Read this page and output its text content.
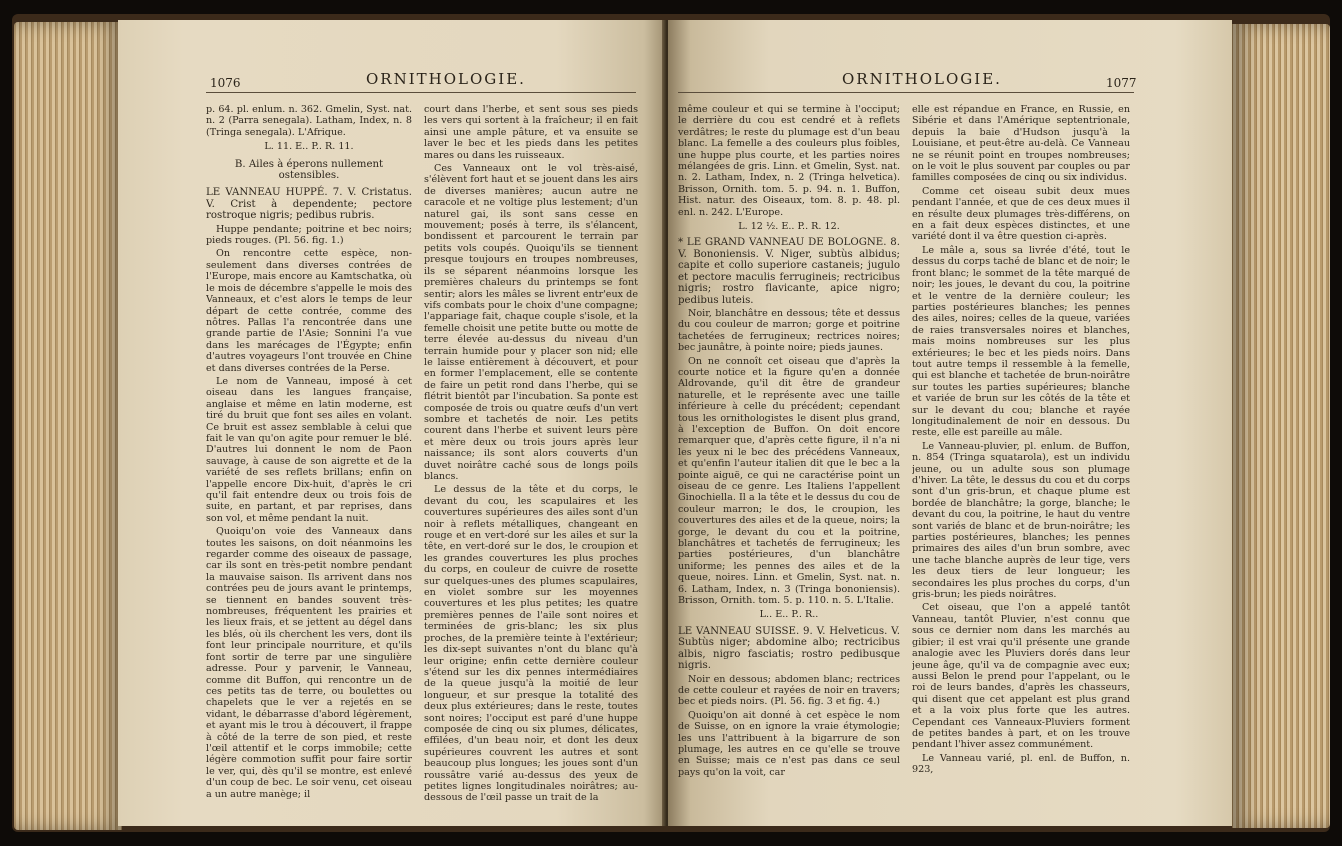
1076	ORNITHOLOGIE.

p. 64. pl. enlum. n. 362. Gmelin, Syst. nat. n. 2 (Parra senegala). Latham, Index, n. 8 (Tringa senegala). L'Afrique.

L. 11. E.. P.. R. 11.

B. Ailes à éperons nullement ostensibles.

LE VANNEAU HUPPÉ. 7. V. Cristatus. V. Crist à dependente; pectore rostroque nigris; pedibus rubris.

Huppe pendante; poitrine et bec noirs; pieds rouges. (Pl. 56. fig. 1.)

On rencontre cette espèce, non-seulement dans diverses contrées de l'Europe, mais encore au Kamtschatka, où le mois de décembre s'appelle le mois des Vanneaux, et c'est alors le temps de leur départ de cette contrée, comme des nôtres. Pallas l'a rencontrée dans une grande partie de l'Asie; Sonnini l'a vue dans les marécages de l'Égypte; enfin d'autres voyageurs l'ont trouvée en Chine et dans diverses contrées de la Perse.

Le nom de Vanneau, imposé à cet oiseau dans les langues française, anglaise et même en latin moderne, est tiré du bruit que font ses ailes en volant. Ce bruit est assez semblable à celui que fait le van qu'on agite pour remuer le blé. D'autres lui donnent le nom de Paon sauvage, à cause de son aigrette et de la variété de ses reflets brillans; enfin on l'appelle encore Dix-huit, d'après le cri qu'il fait entendre deux ou trois fois de suite, en partant, et par reprises, dans son vol, et même pendant la nuit.

Quoiqu'on voie des Vanneaux dans toutes les saisons, on doit néanmoins les regarder comme des oiseaux de passage, car ils sont en très-petit nombre pendant la mauvaise saison. Ils arrivent dans nos contrées peu de jours avant le printemps, se tiennent en bandes souvent très-nombreuses, fréquentent les prairies et les lieux frais, et se jettent au dégel dans les blés, où ils cherchent les vers, dont ils font leur principale nourriture, et qu'ils font sortir de terre par une singulière adresse. Pour y parvenir, le Vanneau, comme dit Buffon, qui rencontre un de ces petits tas de terre, ou boulettes ou chapelets que le ver a rejetés en se vidant, le débarrasse d'abord légèrement, et ayant mis le trou à découvert, il frappe à côté de la terre de son pied, et reste l'œil attentif et le corps immobile; cette légère commotion suffit pour faire sortir le ver, qui, dès qu'il se montre, est enlevé d'un coup de bec. Le soir venu, cet oiseau a un autre manège; il

court dans l'herbe, et sent sous ses pieds les vers qui sortent à la fraîcheur; il en fait ainsi une ample pâture, et va ensuite se laver le bec et les pieds dans les petites mares ou dans les ruisseaux.

Ces Vanneaux ont le vol très-aisé, s'élèvent fort haut et se jouent dans les airs de diverses manières; aucun autre ne caracole et ne voltige plus lestement; d'un naturel gai, ils sont sans cesse en mouvement; posés à terre, ils s'élancent, bondissent et parcourent le terrain par petits vols coupés. Quoiqu'ils se tiennent presque toujours en troupes nombreuses, ils se séparent néanmoins lorsque les premières chaleurs du printemps se font sentir; alors les mâles se livrent entr'eux de vifs combats pour le choix d'une compagne; l'appariage fait, chaque couple s'isole, et la femelle choisit une petite butte ou motte de terre élevée au-dessus du niveau d'un terrain humide pour y placer son nid; elle le laisse entièrement à découvert, et pour en former l'emplacement, elle se contente de faire un petit rond dans l'herbe, qui se flétrit bientôt par l'incubation. Sa ponte est composée de trois ou quatre œufs d'un vert sombre et tachetés de noir. Les petits courent dans l'herbe et suivent leurs père et mère deux ou trois jours après leur naissance; ils sont alors couverts d'un duvet noirâtre caché sous de longs poils blancs.

Le dessus de la tête et du corps, le devant du cou, les scapulaires et les couvertures supérieures des ailes sont d'un noir à reflets métalliques, changeant en rouge et en vert-doré sur les ailes et sur la tête, en vert-doré sur le dos, le croupion et les grandes couvertures les plus proches du corps, en couleur de cuivre de rosette sur quelques-unes des plumes scapulaires, en violet sombre sur les moyennes couvertures et les plus petites; les quatre premières pennes de l'aile sont noires et terminées de gris-blanc; les six plus proches, de la première teinte à l'extérieur; les dix-sept suivantes n'ont du blanc qu'à leur origine; enfin cette dernière couleur s'étend sur les dix pennes intermédiaires de la queue jusqu'à la moitié de leur longueur, et sur presque la totalité des deux plus extérieures; dans le reste, toutes sont noires; l'occiput est paré d'une huppe composée de cinq ou six plumes, délicates, effilées, d'un beau noir, et dont les deux supérieures couvrent les autres et sont beaucoup plus longues; les joues sont d'un roussâtre varié au-dessus des yeux de petites lignes longitudinales noirâtres; au-dessous de l'œil passe un trait de la

ORNITHOLOGIE.	1077

même couleur et qui se termine à l'occiput; le derrière du cou est cendré et à reflets verdâtres; le reste du plumage est d'un beau blanc. La femelle a des couleurs plus foibles, une huppe plus courte, et les parties noires mélangées de gris. Linn. et Gmelin, Syst. nat. n. 2. Latham, Index, n. 2 (Tringa helvetica). Brisson, Ornith. tom. 5. p. 94. n. 1. Buffon, Hist. natur. des Oiseaux, tom. 8. p. 48. pl. enl. n. 242. L'Europe.

L. 12 ½. E.. P.. R. 12.

* LE GRAND VANNEAU DE BOLOGNE. 8. V. Bononiensis. V. Niger, subtùs albidus; capite et collo superiore castaneis; jugulo et pectore maculis ferrugineis; rectricibus nigris; rostro flavicante, apice nigro; pedibus luteis.

Noir, blanchâtre en dessous; tête et dessus du cou couleur de marron; gorge et poitrine tachetées de ferrugineux; rectrices noires; bec jaunâtre, à pointe noire; pieds jaunes.

On ne connoît cet oiseau que d'après la courte notice et la figure qu'en a donnée Aldrovande, qu'il dit être de grandeur naturelle, et le représente avec une taille inférieure à celle du précédent; cependant tous les ornithologistes le disent plus grand, à l'exception de Buffon. On doit encore remarquer que, d'après cette figure, il n'a ni les yeux ni le bec des précédens Vanneaux, et qu'enfin l'auteur italien dit que le bec a la pointe aiguë, ce qui ne caractérise point un oiseau de ce genre. Les Italiens l'appellent Ginochiella. Il a la tête et le dessus du cou de couleur marron; le dos, le croupion, les couvertures des ailes et de la queue, noirs; la gorge, le devant du cou et la poitrine, blanchâtres et tachetés de ferrugineux; les parties postérieures, d'un blanchâtre uniforme; les pennes des ailes et de la queue, noires. Linn. et Gmelin, Syst. nat. n. 6. Latham, Index, n. 3 (Tringa bononiensis). Brisson, Ornith. tom. 5. p. 110. n. 5. L'Italie.

L.. E.. P.. R..

LE VANNEAU SUISSE. 9. V. Helveticus. V. Subtùs niger; abdomine albo; rectricibus albis, nigro fasciatis; rostro pedibusque nigris.

Noir en dessous; abdomen blanc; rectrices de cette couleur et rayées de noir en travers; bec et pieds noirs. (Pl. 56. fig. 3 et fig. 4.)

Quoiqu'on ait donné à cet espèce le nom de Suisse, on en ignore la vraie étymologie; les uns l'attribuent à la bigarrure de son plumage, les autres en ce qu'elle se trouve en Suisse; mais ce n'est pas dans ce seul pays qu'on la voit, car

elle est répandue en France, en Russie, en Sibérie et dans l'Amérique septentrionale, depuis la baie d'Hudson jusqu'à la Louisiane, et peut-être au-delà. Ce Vanneau ne se réunit point en troupes nombreuses; on le voit le plus souvent par couples ou par familles composées de cinq ou six individus.

Comme cet oiseau subit deux mues pendant l'année, et que de ces deux mues il en résulte deux plumages très-différens, on en a fait deux espèces distinctes, et une variété dont il va être question ci-après.

Le mâle a, sous sa livrée d'été, tout le dessus du corps taché de blanc et de noir; le front blanc; le sommet de la tête marqué de noir; les joues, le devant du cou, la poitrine et le ventre de la dernière couleur; les parties postérieures blanches; les pennes des ailes, noires; celles de la queue, variées de raies transversales noires et blanches, mais moins nombreuses sur les plus extérieures; le bec et les pieds noirs. Dans tout autre temps il ressemble à la femelle, qui est blanche et tachetée de brun-noirâtre sur toutes les parties supérieures; blanche et variée de brun sur les côtés de la tête et sur le devant du cou; blanche et rayée longitudinalement de noir en dessous. Du reste, elle est pareille au mâle.

Le Vanneau-pluvier, pl. enlum. de Buffon, n. 854 (Tringa squatarola), est un individu jeune, ou un adulte sous son plumage d'hiver. La tête, le dessus du cou et du corps sont d'un gris-brun, et chaque plume est bordée de blanchâtre; la gorge, blanche; le devant du cou, la poitrine, le haut du ventre sont variés de blanc et de brun-noirâtre; les parties postérieures, blanches; les pennes primaires des ailes d'un brun sombre, avec une tache blanche auprès de leur tige, vers les deux tiers de leur longueur; les secondaires les plus proches du corps, d'un gris-brun; les pieds noirâtres.

Cet oiseau, que l'on a appelé tantôt Vanneau, tantôt Pluvier, n'est connu que sous ce dernier nom dans les marchés au gibier; il est vrai qu'il présente une grande analogie avec les Pluviers dorés dans leur jeune âge, qu'il va de compagnie avec eux; aussi Belon le prend pour l'appelant, ou le roi de leurs bandes, d'après les chasseurs, qui disent que cet appelant est plus grand et a la voix plus forte que les autres. Cependant ces Vanneaux-Pluviers forment de petites bandes à part, et on les trouve pendant l'hiver assez communément.

Le Vanneau varié, pl. enl. de Buffon, n. 923,
